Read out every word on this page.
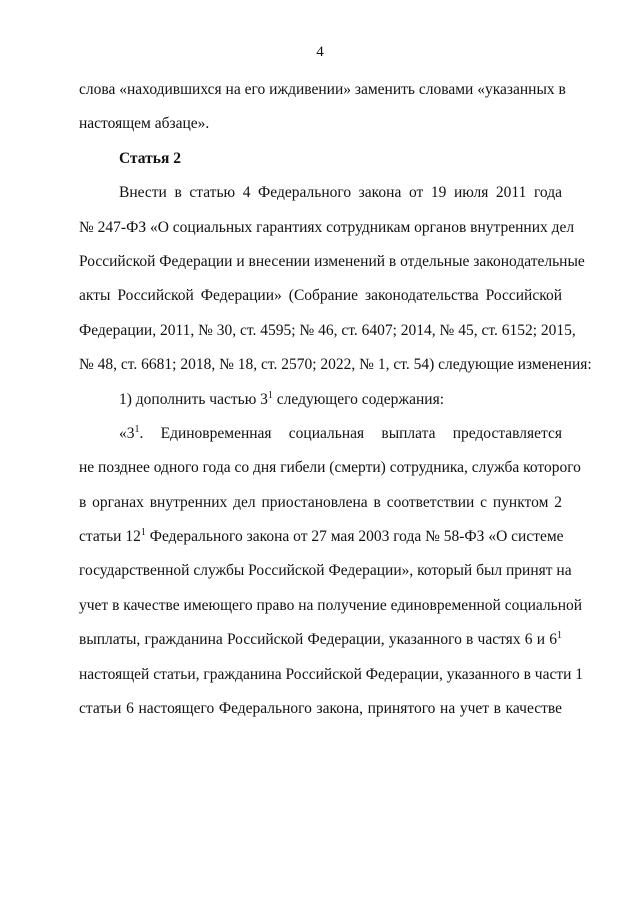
4
слова «находившихся на его иждивении» заменить словами «указанных в
настоящем абзаце».
Статья 2
Внести в статью 4 Федерального закона от 19 июля 2011 года
№ 247-ФЗ «О социальных гарантиях сотрудникам органов внутренних дел
Российской Федерации и внесении изменений в отдельные законодательные
акты Российской Федерации» (Собрание законодательства Российской
Федерации, 2011, № 30, ст. 4595; № 46, ст. 6407; 2014, № 45, ст. 6152; 2015,
№ 48, ст. 6681; 2018, № 18, ст. 2570; 2022, № 1, ст. 54) следующие изменения:
1) дополнить частью $3^1$ следующего содержания:
«$3^1$. Единовременная социальная выплата предоставляется
не позднее одного года со дня гибели (смерти) сотрудника, служба которого
в органах внутренних дел приостановлена в соответствии с пунктом 2
статьи $12^1$ Федерального закона от 27 мая 2003 года № 58-ФЗ «О системе
государственной службы Российской Федерации», который был принят на
учет в качестве имеющего право на получение единовременной социальной
выплаты, гражданина Российской Федерации, указанного в частях 6 и $6^1$
настоящей статьи, гражданина Российской Федерации, указанного в части 1
статьи 6 настоящего Федерального закона, принятого на учет в качестве
